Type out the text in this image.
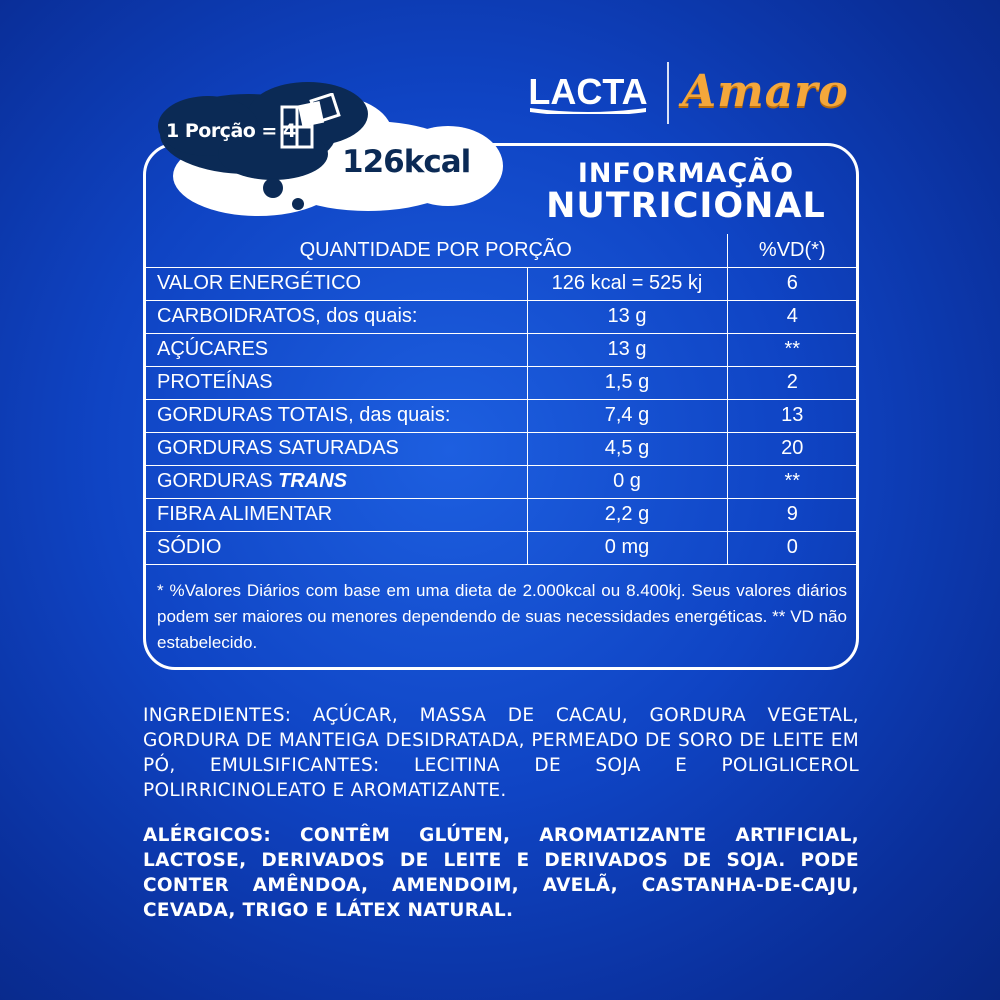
LACTA Amaro
1 Porção = 4
126kcal	INFORMAÇÃO
NUTRICIONAL
QUANTIDADE POR PORÇÃO		%VD(*)
VALOR ENERGÉTICO	126 kcal = 525 kj	6
CARBOIDRATOS, dos quais:	13 g	4
AÇÚCARES	13 g	**
PROTEÍNAS	1,5 g	2
GORDURAS TOTAIS, das quais:	7,4 g	13
GORDURAS SATURADAS	4,5 g	20
GORDURAS TRANS	0 g	**
FIBRA ALIMENTAR	2,2 g	9
SÓDIO	0 mg	0
* %Valores Diários com base em uma dieta de 2.000kcal ou 8.400kj. Seus valores diários podem ser maiores ou menores dependendo de suas necessidades energéticas. ** VD não estabelecido.
INGREDIENTES: AÇÚCAR, MASSA DE CACAU, GORDURA VEGETAL, GORDURA DE MANTEIGA DESIDRATADA, PERMEADO DE SORO DE LEITE EM PÓ, EMULSIFICANTES: LECITINA DE SOJA E POLIGLICEROL POLIRRICINOLEATO E AROMATIZANTE.
ALÉRGICOS: CONTÊM GLÚTEN, AROMATIZANTE ARTIFICIAL, LACTOSE, DERIVADOS DE LEITE E DERIVADOS DE SOJA. PODE CONTER AMÊNDOA, AMENDOIM, AVELÃ, CASTANHA-DE-CAJU, CEVADA, TRIGO E LÁTEX NATURAL.
